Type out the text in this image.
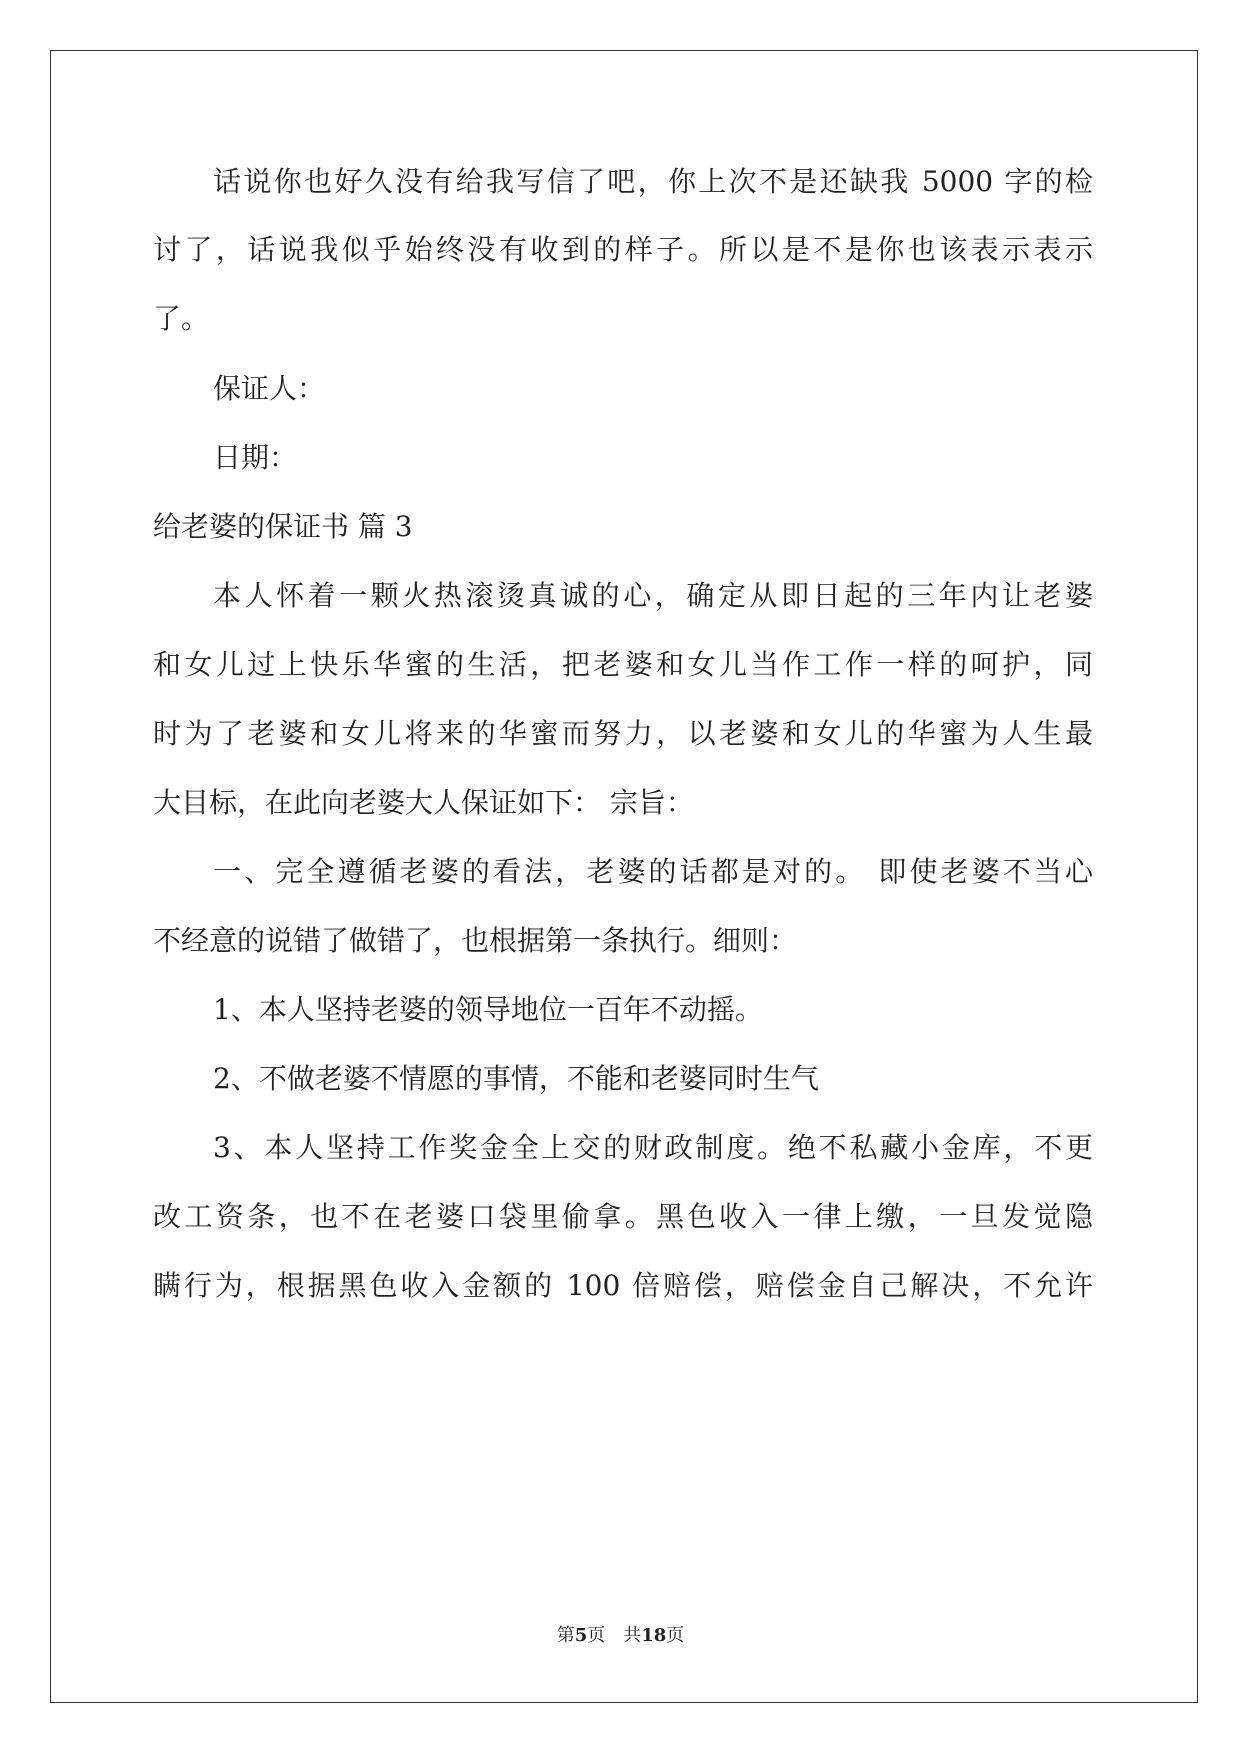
话说你也好久没有给我写信了吧，你上次不是还缺我 5000 字的检
讨了，话说我似乎始终没有收到的样子。所以是不是你也该表示表示
了。
保证人：
日期：
给老婆的保证书 篇 3
本人怀着一颗火热滚烫真诚的心，确定从即日起的三年内让老婆
和女儿过上快乐华蜜的生活，把老婆和女儿当作工作一样的呵护，同
时为了老婆和女儿将来的华蜜而努力，以老婆和女儿的华蜜为人生最
大目标，在此向老婆大人保证如下： 宗旨：
一、完全遵循老婆的看法，老婆的话都是对的。 即使老婆不当心
不经意的说错了做错了，也根据第一条执行。细则：
1、本人坚持老婆的领导地位一百年不动摇。
2、不做老婆不情愿的事情，不能和老婆同时生气
3、本人坚持工作奖金全上交的财政制度。绝不私藏小金库，不更
改工资条，也不在老婆口袋里偷拿。黑色收入一律上缴，一旦发觉隐
瞒行为，根据黑色收入金额的 100 倍赔偿，赔偿金自己解决，不允许
第5页　共18页
